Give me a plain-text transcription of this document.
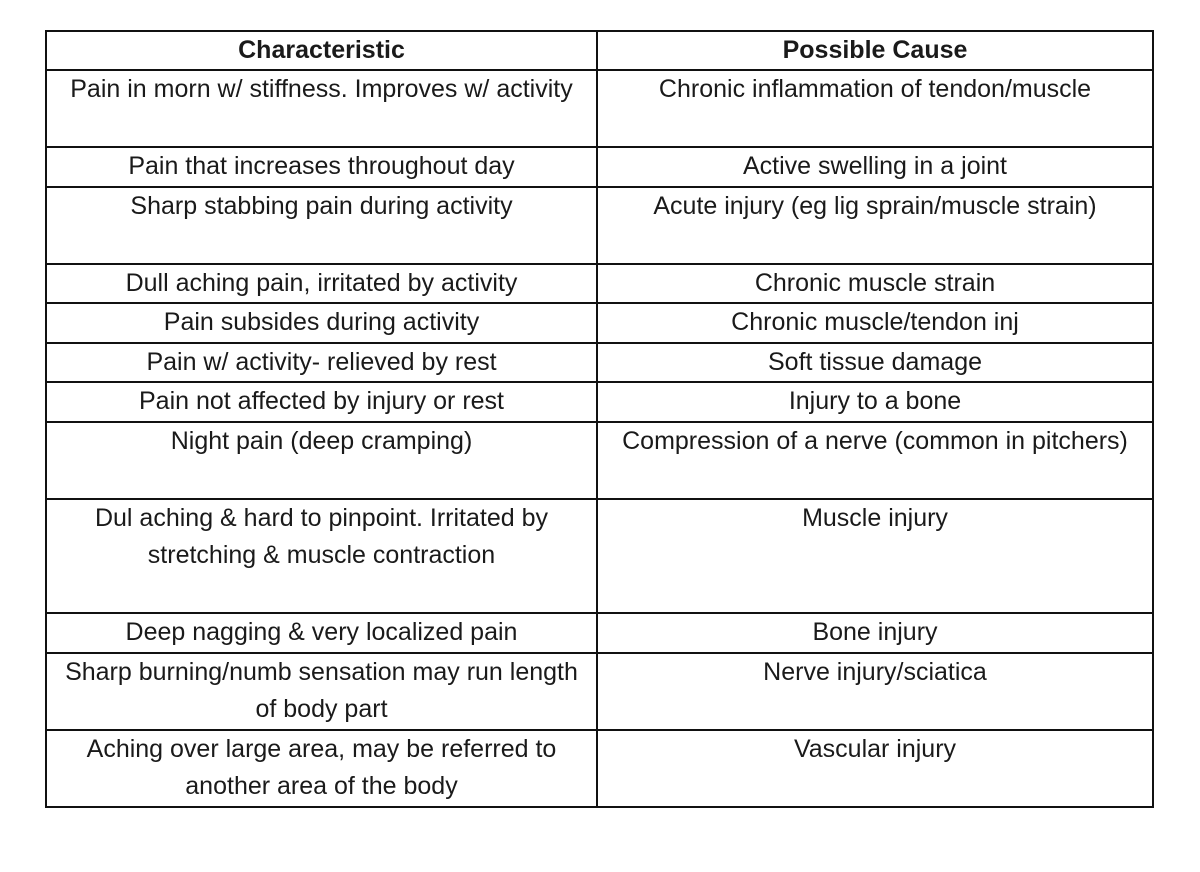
Characteristic	Possible Cause
Pain in morn w/ stiffness. Improves w/ activity	Chronic inflammation of tendon/muscle
Pain that increases throughout day	Active swelling in a joint
Sharp stabbing pain during activity	Acute injury (eg lig sprain/muscle strain)
Dull aching pain, irritated by activity	Chronic muscle strain
Pain subsides during activity	Chronic muscle/tendon inj
Pain w/ activity- relieved by rest	Soft tissue damage
Pain not affected by injury or rest	Injury to a bone
Night pain (deep cramping)	Compression of a nerve (common in pitchers)
Dul aching & hard to pinpoint. Irritated by stretching & muscle contraction	Muscle injury
Deep nagging & very localized pain	Bone injury
Sharp burning/numb sensation may run length of body part	Nerve injury/sciatica
Aching over large area, may be referred to another area of the body	Vascular injury
